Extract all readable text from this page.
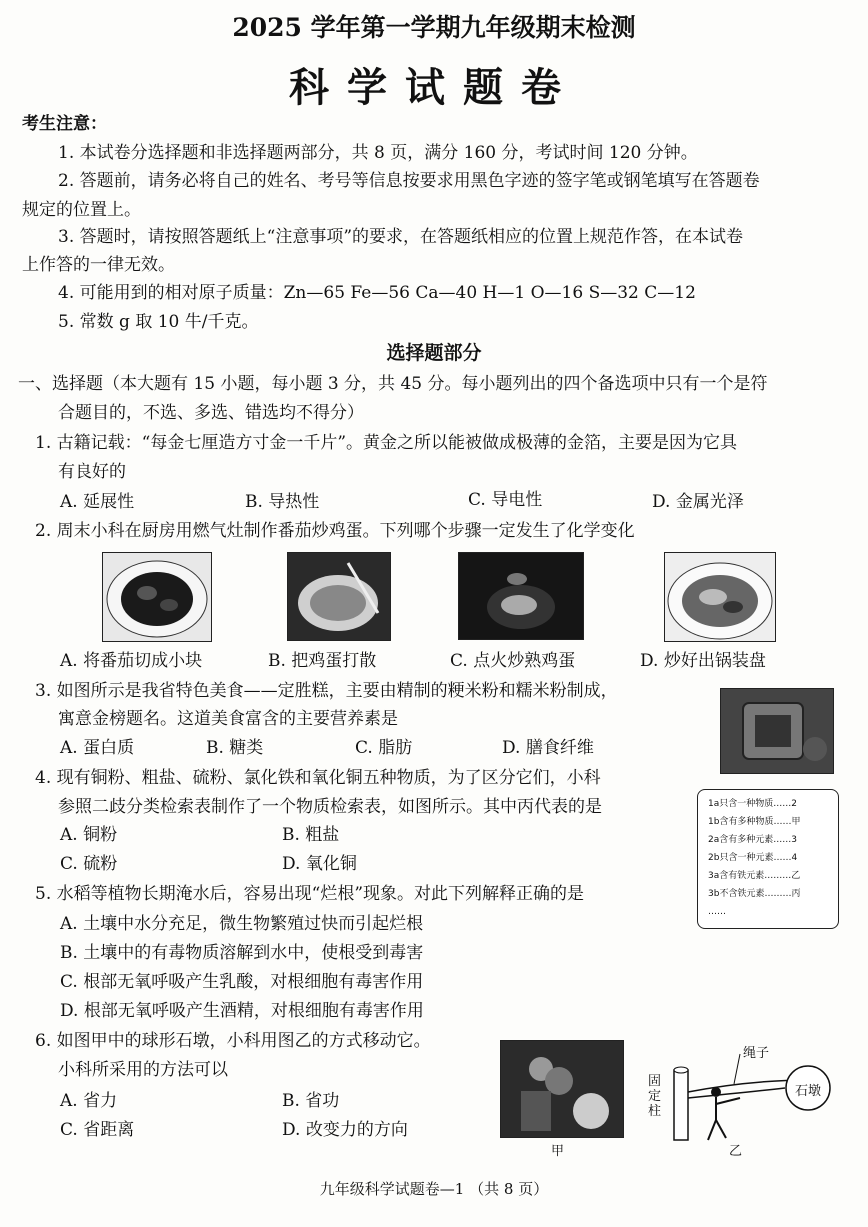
2025 学年第一学期九年级期末检测
科学试题卷
考生注意：
1. 本试卷分选择题和非选择题两部分，共 8 页，满分 160 分，考试时间 120 分钟。
2. 答题前，请务必将自己的姓名、考号等信息按要求用黑色字迹的签字笔或钢笔填写在答题卷
规定的位置上。
3. 答题时，请按照答题纸上“注意事项”的要求，在答题纸相应的位置上规范作答，在本试卷
上作答的一律无效。
4. 可能用到的相对原子质量：Zn—65 Fe—56 Ca—40 H—1 O—16 S—32 C—12
5. 常数 g 取 10 牛/千克。
选择题部分
一、选择题（本大题有 15 小题，每小题 3 分，共 45 分。每小题列出的四个备选项中只有一个是符
合题目的，不选、多选、错选均不得分）
1. 古籍记载：“每金七厘造方寸金一千片”。黄金之所以能被做成极薄的金箔，主要是因为它具
有良好的
A. 延展性	B. 导热性	C. 导电性	D. 金属光泽
2. 周末小科在厨房用燃气灶制作番茄炒鸡蛋。下列哪个步骤一定发生了化学变化
A. 将番茄切成小块	B. 把鸡蛋打散	C. 点火炒熟鸡蛋	D. 炒好出锅装盘
3. 如图所示是我省特色美食——定胜糕，主要由精制的粳米粉和糯米粉制成，
寓意金榜题名。这道美食富含的主要营养素是
A. 蛋白质	B. 糖类	C. 脂肪	D. 膳食纤维
4. 现有铜粉、粗盐、硫粉、氯化铁和氧化铜五种物质，为了区分它们，小科
参照二歧分类检索表制作了一个物质检索表，如图所示。其中丙代表的是
A. 铜粉	B. 粗盐
C. 硫粉	D. 氧化铜
1a只含一种物质……2
1b含有多种物质……甲
2a含有多种元素……3
2b只含一种元素……4
3a含有铁元素………乙
3b不含铁元素………丙
……
5. 水稻等植物长期淹水后，容易出现“烂根”现象。对此下列解释正确的是
A. 土壤中水分充足，微生物繁殖过快而引起烂根
B. 土壤中的有毒物质溶解到水中，使根受到毒害
C. 根部无氧呼吸产生乳酸，对根细胞有毒害作用
D. 根部无氧呼吸产生酒精，对根细胞有毒害作用
6. 如图甲中的球形石墩，小科用图乙的方式移动它。
小科所采用的方法可以
A. 省力	B. 省功
C. 省距离	D. 改变力的方向
甲
绳子
固定柱
石墩
乙
九年级科学试题卷—1 （共 8 页）
